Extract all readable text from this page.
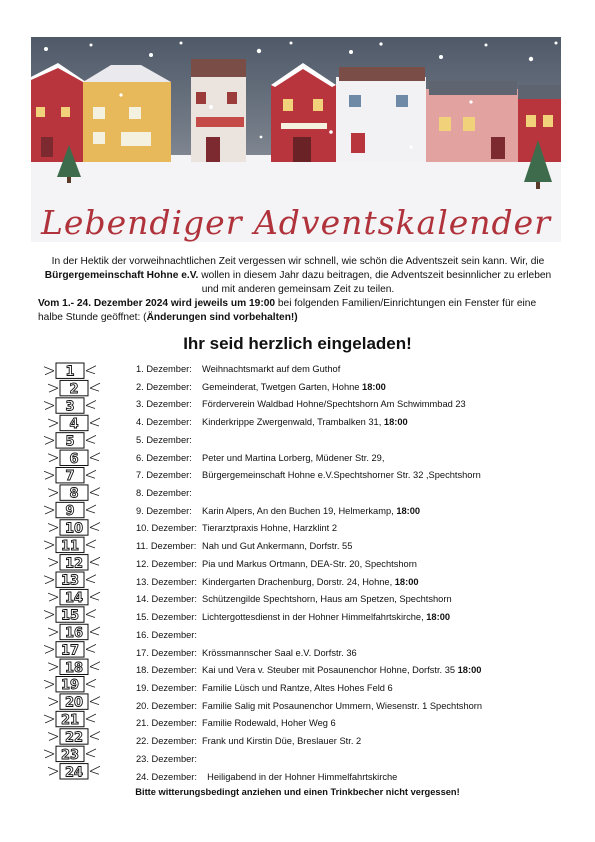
Lebendiger Adventskalender

In der Hektik der vorweihnachtlichen Zeit vergessen wir schnell, wie schön die Adventszeit sein kann. Wir, die Bürgergemeinschaft Hohne e.V. wollen in diesem Jahr dazu beitragen, die Adventszeit besinnlicher zu erleben und mit anderen gemeinsam Zeit zu teilen.

Vom 1.- 24. Dezember 2024 wird jeweils um 19:00 bei folgenden Familien/Einrichtungen ein Fenster für eine halbe Stunde geöffnet: (Änderungen sind vorbehalten!)

Ihr seid herzlich eingeladen!
1
2
3
4
5
6
7
8
9
10
11
12
13
14
15
16
17
18
19
20
21
22
23
24
1. Dezember: Weihnachtsmarkt auf dem Gutho​f
2. Dezember: Gemeinderat, Twetgen Garten, Hohne 18:00
3. Dezember: Förderverein Waldbad Hohne/Spechtshorn Am Schwimmbad 23
4. Dezember: Kinderkrippe Zwergenwald, Trambalken 31, 18:00
5. Dezember:
6. Dezember: Peter und Martina Lorberg, Müdener Str. 29,
7. Dezember: Bürgergemeinschaft Hohne e.V.Spechtshorner Str. 32 ,Spechtshorn
8. Dezember:
9. Dezember: Karin Alpers, An den Buchen 19, Helmerkamp, 18:00
10. Dezember: Tierarztpraxis Hohne, Harzklint 2
11. Dezember: Nah und Gut Ankermann, Dorfstr. 55
12. Dezember: Pia und Markus Ortmann, DEA-Str. 20, Spechtshorn
13. Dezember: Kindergarten Drachenburg, Dorstr. 24, Hohne, 18:00
14. Dezember: Schützengilde Spechtshorn, Haus am Spetzen, Spechtshorn
15. Dezember: Lichtergottesdienst in der Hohner Himmelfahrtskirche, 18:00
16. Dezember:
17. Dezember: Krössmannscher Saal e.V. Dorfstr. 36
18. Dezember: Kai und Vera v. Steuber mit Posaunenchor Hohne, Dorfstr. 35 18:00
19. Dezember: Familie Lüsch und Rantze, Altes Hohes Feld 6
20. Dezember: Familie Salig mit Posaunenchor Ummern, Wiesenstr. 1 Spechtshorn
21. Dezember: Familie Rodewald, Hoher Weg 6
22. Dezember: Frank und Kirstin Düe, Breslauer Str. 2
23. Dezember:
24. Dezember:  Heiligabend in der Hohner Himmelfahrtskirche
Bitte witterungsbedingt anziehen und einen Trinkbecher nicht vergessen!
